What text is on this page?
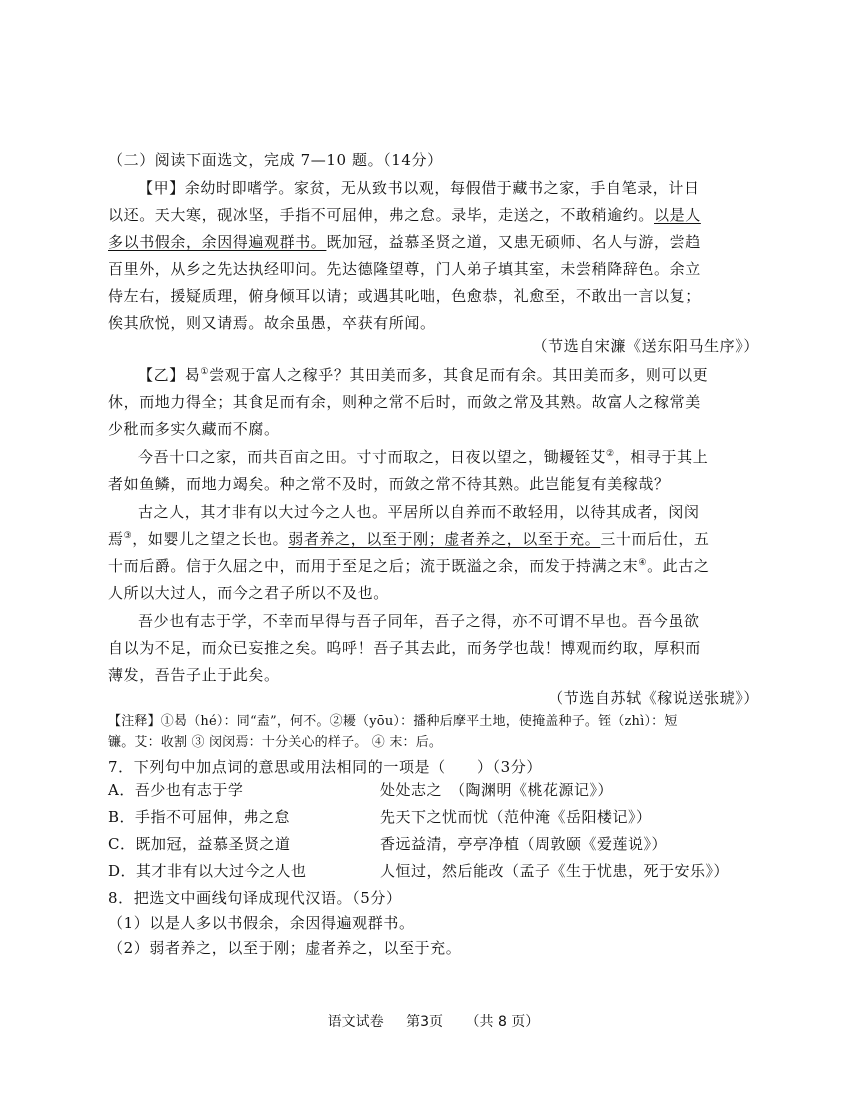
（二）阅读下面选文，完成 7—10 题。（14分）
【甲】余幼时即嗜学。家贫，无从致书以观，每假借于藏书之家，手自笔录，计日
以还。天大寒，砚冰坚，手指不可屈伸，弗之怠。录毕，走送之，不敢稍逾约。以是人
多以书假余，余因得遍观群书。既加冠，益慕圣贤之道，又患无硕师、名人与游，尝趋
百里外，从乡之先达执经叩问。先达德隆望尊，门人弟子填其室，未尝稍降辞色。余立
侍左右，援疑质理，俯身倾耳以请；或遇其叱咄，色愈恭，礼愈至，不敢出一言以复；
俟其欣悦，则又请焉。故余虽愚，卒获有所闻。
（节选自宋濂《送东阳马生序》）
【乙】曷①尝观于富人之稼乎？其田美而多，其食足而有余。其田美而多，则可以更
休，而地力得全；其食足而有余，则种之常不后时，而敛之常及其熟。故富人之稼常美
少秕而多实久藏而不腐。
今吾十口之家，而共百亩之田。寸寸而取之，日夜以望之，锄耰铚艾②，相寻于其上
者如鱼鳞，而地力竭矣。种之常不及时，而敛之常不待其熟。此岂能复有美稼哉？
古之人，其才非有以大过今之人也。平居所以自养而不敢轻用，以待其成者，闵闵
焉③，如婴儿之望之长也。弱者养之，以至于刚；虚者养之，以至于充。三十而后仕，五
十而后爵。信于久屈之中，而用于至足之后；流于既溢之余，而发于持满之末④。此古之
人所以大过人，而今之君子所以不及也。
吾少也有志于学，不幸而早得与吾子同年，吾子之得，亦不可谓不早也。吾今虽欲
自以为不足，而众已妄推之矣。呜呼！吾子其去此，而务学也哉！博观而约取，厚积而
薄发，吾告子止于此矣。
（节选自苏轼《稼说送张琥》）
【注释】①曷（hé）：同“盍”，何不。②耰（yōu）：播种后摩平土地，使掩盖种子。铚（zhì）：短
镰。艾：收割 ③ 闵闵焉：十分关心的样子。 ④ 末：后。
7．下列句中加点词的意思或用法相同的一项是（　　）（3分）
A．吾少也有志于学	处处志之　（陶渊明《桃花源记》）
B．手指不可屈伸，弗之怠	先天下之忧而忧（范仲淹《岳阳楼记》）
C．既加冠，益慕圣贤之道	香远益清，亭亭净植（周敦颐《爱莲说》）
D．其才非有以大过今之人也	人恒过，然后能改（孟子《生于忧患，死于安乐》）
8．把选文中画线句译成现代汉语。（5分）
（1）以是人多以书假余，余因得遍观群书。
（2）弱者养之，以至于刚；虚者养之，以至于充。
语文试卷 第3页 （共 8 页）
